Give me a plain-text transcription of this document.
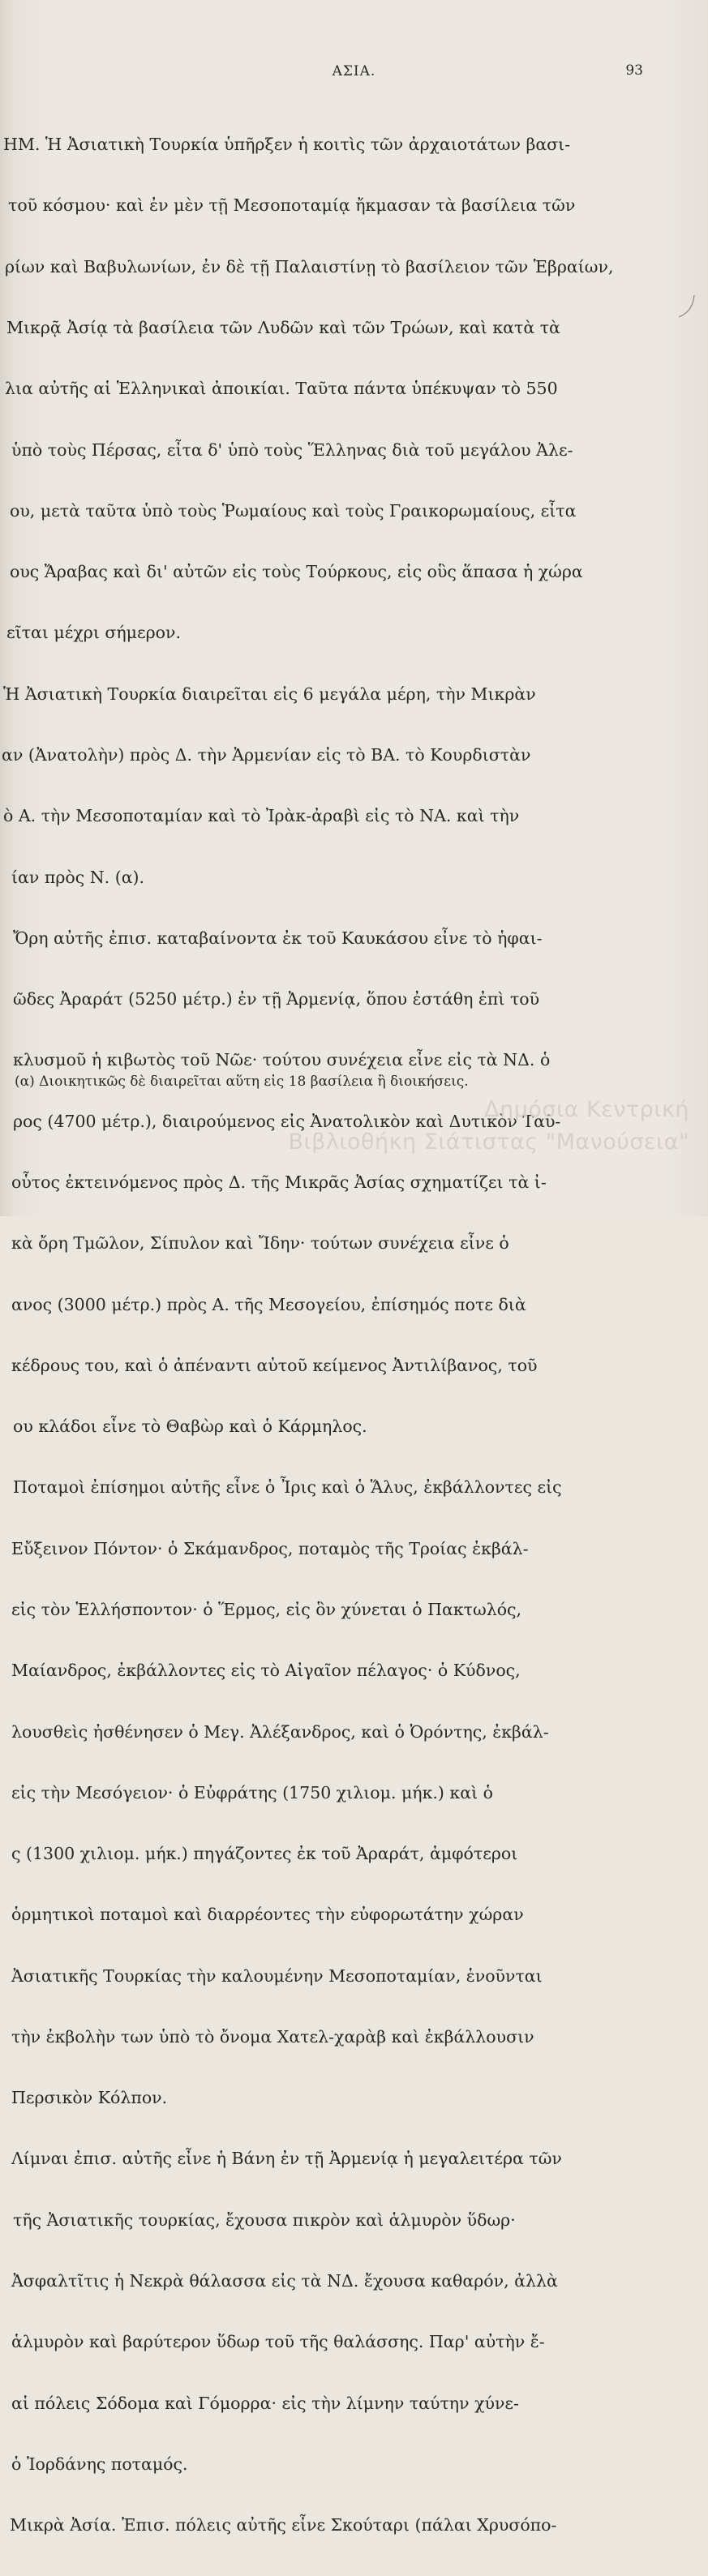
ΑΣΙΑ.	93

ΗΜ. Ἡ Ἀσιατικὴ Τουρκία ὑπῆρξεν ἡ κοιτὶς τῶν ἀρχαιοτάτων βασι-

τοῦ κόσμου· καὶ ἐν μὲν τῇ Μεσοποταμίᾳ ἤκμασαν τὰ βασίλεια τῶν

ρίων καὶ Βαβυλωνίων, ἐν δὲ τῇ Παλαιστίνῃ τὸ βασίλειον τῶν Ἑβραίων,

Μικρᾷ Ἀσίᾳ τὰ βασίλεια τῶν Λυδῶν καὶ τῶν Τρώων, καὶ κατὰ τὰ

λια αὐτῆς αἱ Ἑλληνικαὶ ἀποικίαι. Ταῦτα πάντα ὑπέκυψαν τὸ 550

ὑπὸ τοὺς Πέρσας, εἶτα δ' ὑπὸ τοὺς Ἕλληνας διὰ τοῦ μεγάλου Ἀλε-

ου, μετὰ ταῦτα ὑπὸ τοὺς Ῥωμαίους καὶ τοὺς Γραικορωμαίους, εἶτα

ους Ἄραβας καὶ δι' αὐτῶν εἰς τοὺς Τούρκους, εἰς οὓς ἅπασα ἡ χώρα

εῖται μέχρι σήμερον.

Ἡ Ἀσιατικὴ Τουρκία διαιρεῖται εἰς 6 μεγάλα μέρη, τὴν Μικρὰν

αν (Ἀνατολὴν) πρὸς Δ. τὴν Ἀρμενίαν εἰς τὸ ΒΑ. τὸ Κουρδιστὰν

ὸ Α. τὴν Μεσοποταμίαν καὶ τὸ Ἰρὰκ-ἀραβὶ εἰς τὸ ΝΑ. καὶ τὴν

ίαν πρὸς Ν. (α).

Ὄρη αὐτῆς ἐπισ. καταβαίνοντα ἐκ τοῦ Καυκάσου εἶνε τὸ ἡφαι-

ῶδες Ἀραράτ (5250 μέτρ.) ἐν τῇ Ἀρμενίᾳ, ὅπου ἐστάθη ἐπὶ τοῦ

κλυσμοῦ ἡ κιβωτὸς τοῦ Νῶε· τούτου συνέχεια εἶνε εἰς τὰ ΝΔ. ὁ

ρος (4700 μέτρ.), διαιρούμενος εἰς Ἀνατολικὸν καὶ Δυτικὸν Ταῦ-

οὗτος ἐκτεινόμενος πρὸς Δ. τῆς Μικρᾶς Ἀσίας σχηματίζει τὰ ἰ-

κὰ ὄρη Τμῶλον, Σίπυλον καὶ Ἴδην· τούτων συνέχεια εἶνε ὁ

ανος (3000 μέτρ.) πρὸς Α. τῆς Μεσογείου, ἐπίσημός ποτε διὰ

κέδρους του, καὶ ὁ ἀπέναντι αὐτοῦ κείμενος Ἀντιλίβανος, τοῦ

ου κλάδοι εἶνε τὸ Θαβὼρ καὶ ὁ Κάρμηλος.

Ποταμοὶ ἐπίσημοι αὐτῆς εἶνε ὁ Ἶρις καὶ ὁ Ἅλυς, ἐκβάλλοντες εἰς

Εὔξεινον Πόντον· ὁ Σκάμανδρος, ποταμὸς τῆς Τροίας ἐκβάλ-

εἰς τὸν Ἑλλήσποντον· ὁ Ἕρμος, εἰς ὃν χύνεται ὁ Πακτωλός,

Μαίανδρος, ἐκβάλλοντες εἰς τὸ Αἰγαῖον πέλαγος· ὁ Κύδνος,

λουσθεὶς ἠσθένησεν ὁ Μεγ. Ἀλέξανδρος, καὶ ὁ Ὀρόντης, ἐκβάλ-

εἰς τὴν Μεσόγειον· ὁ Εὐφράτης (1750 χιλιομ. μήκ.) καὶ ὁ

ς (1300 χιλιομ. μήκ.) πηγάζοντες ἐκ τοῦ Ἀραράτ, ἀμφότεροι

ὁρμητικοὶ ποταμοὶ καὶ διαρρέοντες τὴν εὐφορωτάτην χώραν

Ἀσιατικῆς Τουρκίας τὴν καλουμένην Μεσοποταμίαν, ἑνοῦνται

τὴν ἐκβολὴν των ὑπὸ τὸ ὄνομα Χατελ-χαρὰβ καὶ ἐκβάλλουσιν

Περσικὸν Κόλπον.

Λίμναι ἐπισ. αὐτῆς εἶνε ἡ Βάνη ἐν τῇ Ἀρμενίᾳ ἡ μεγαλειτέρα τῶν

τῆς Ἀσιατικῆς τουρκίας, ἔχουσα πικρὸν καὶ ἁλμυρὸν ὕδωρ·

Ἀσφαλτῖτις ἡ Νεκρὰ θάλασσα εἰς τὰ ΝΔ. ἔχουσα καθαρόν, ἀλλὰ

ἁλμυρὸν καὶ βαρύτερον ὕδωρ τοῦ τῆς θαλάσσης. Παρ' αὐτὴν ἔ-

αἱ πόλεις Σόδομα καὶ Γόμορρα· εἰς τὴν λίμνην ταύτην χύνε-

ὁ Ἰορδάνης ποταμός.

Μικρὰ Ἀσία. Ἐπισ. πόλεις αὐτῆς εἶνε Σκούταρι (πάλαι Χρυσόπο-

(α) Διοικητικῶς δὲ διαιρεῖται αὕτη εἰς 18 βασίλεια ἢ διοικήσεις.
Δημόσια Κεντρική
Βιβλιοθήκη Σιάτιστας "Μανούσεια"
